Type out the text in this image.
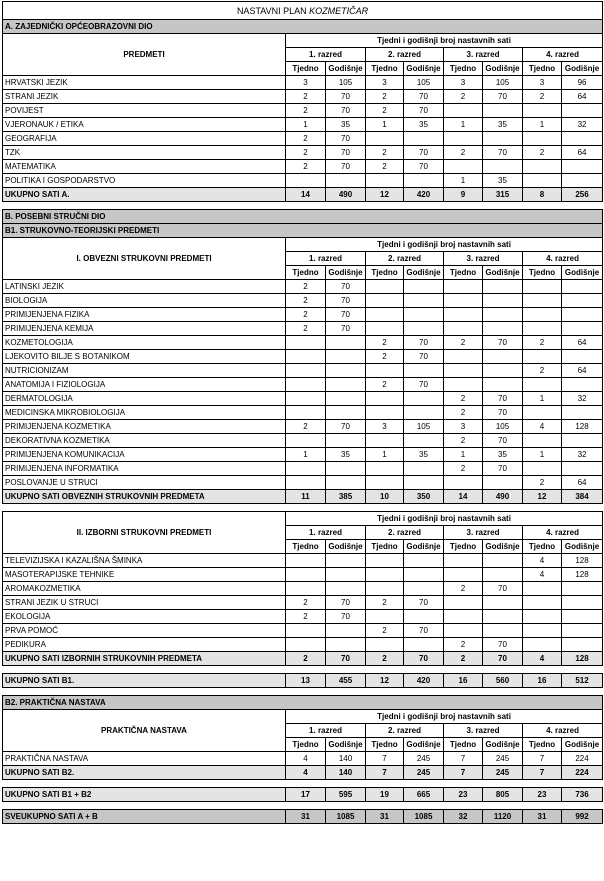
NASTAVNI PLAN KOZMETIČAR								
A. ZAJEDNIČKI OPĆEOBRAZOVNI DIO								
PREDMETI	Tjedni i godišnji broj nastavnih sati							
	1. razred		2. razred		3. razred		4. razred	
	Tjedno	Godišnje	Tjedno	Godišnje	Tjedno	Godišnje	Tjedno	Godišnje
HRVATSKI JEZIK	3	105	3	105	3	105	3	96
STRANI JEZIK	2	70	2	70	2	70	2	64
POVIJEST	2	70	2	70				
VJERONAUK / ETIKA	1	35	1	35	1	35	1	32
GEOGRAFIJA	2	70						
TZK	2	70	2	70	2	70	2	64
MATEMATIKA	2	70	2	70				
POLITIKA I GOSPODARSTVO					1	35		
UKUPNO SATI A.	14	490	12	420	9	315	8	256

B. POSEBNI STRUČNI DIO								
B1. STRUKOVNO-TEORIJSKI PREDMETI								
I. OBVEZNI STRUKOVNI PREDMETI	Tjedni i godišnji broj nastavnih sati							
	1. razred		2. razred		3. razred		4. razred	
	Tjedno	Godišnje	Tjedno	Godišnje	Tjedno	Godišnje	Tjedno	Godišnje
LATINSKI JEZIK	2	70						
BIOLOGIJA	2	70						
PRIMIJENJENA FIZIKA	2	70						
PRIMIJENJENA KEMIJA	2	70						
KOZMETOLOGIJA			2	70	2	70	2	64
LJEKOVITO BILJE S BOTANIKOM			2	70				
NUTRICIONIZAM							2	64
ANATOMIJA I FIZIOLOGIJA			2	70				
DERMATOLOGIJA					2	70	1	32
MEDICINSKA MIKROBIOLOGIJA					2	70		
PRIMIJENJENA KOZMETIKA	2	70	3	105	3	105	4	128
DEKORATIVNA KOZMETIKA					2	70		
PRIMIJENJENA KOMUNIKACIJA	1	35	1	35	1	35	1	32
PRIMIJENJENA INFORMATIKA					2	70		
POSLOVANJE U STRUCI							2	64
UKUPNO SATI OBVEZNIH STRUKOVNIH PREDMETA	11	385	10	350	14	490	12	384

II. IZBORNI STRUKOVNI PREDMETI	Tjedni i godišnji broj nastavnih sati							
	1. razred		2. razred		3. razred		4. razred	
	Tjedno	Godišnje	Tjedno	Godišnje	Tjedno	Godišnje	Tjedno	Godišnje
TELEVIZIJSKA I KAZALIŠNA ŠMINKA							4	128
MASOTERAPIJSKE TEHNIKE							4	128
AROMAKOZMETIKA					2	70		
STRANI JEZIK U STRUCI	2	70	2	70				
EKOLOGIJA	2	70						
PRVA POMOĆ			2	70				
PEDIKURA					2	70		
UKUPNO SATI IZBORNIH STRUKOVNIH PREDMETA	2	70	2	70	2	70	4	128

UKUPNO SATI B1.	13	455	12	420	16	560	16	512

B2. PRAKTIČNA NASTAVA								
PRAKTIČNA NASTAVA	Tjedni i godišnji broj nastavnih sati							
	1. razred		2. razred		3. razred		4. razred	
	Tjedno	Godišnje	Tjedno	Godišnje	Tjedno	Godišnje	Tjedno	Godišnje
PRAKTIČNA NASTAVA	4	140	7	245	7	245	7	224
UKUPNO SATI B2.	4	140	7	245	7	245	7	224

UKUPNO SATI B1 + B2	17	595	19	665	23	805	23	736

SVEUKUPNO SATI A + B	31	1085	31	1085	32	1120	31	992
